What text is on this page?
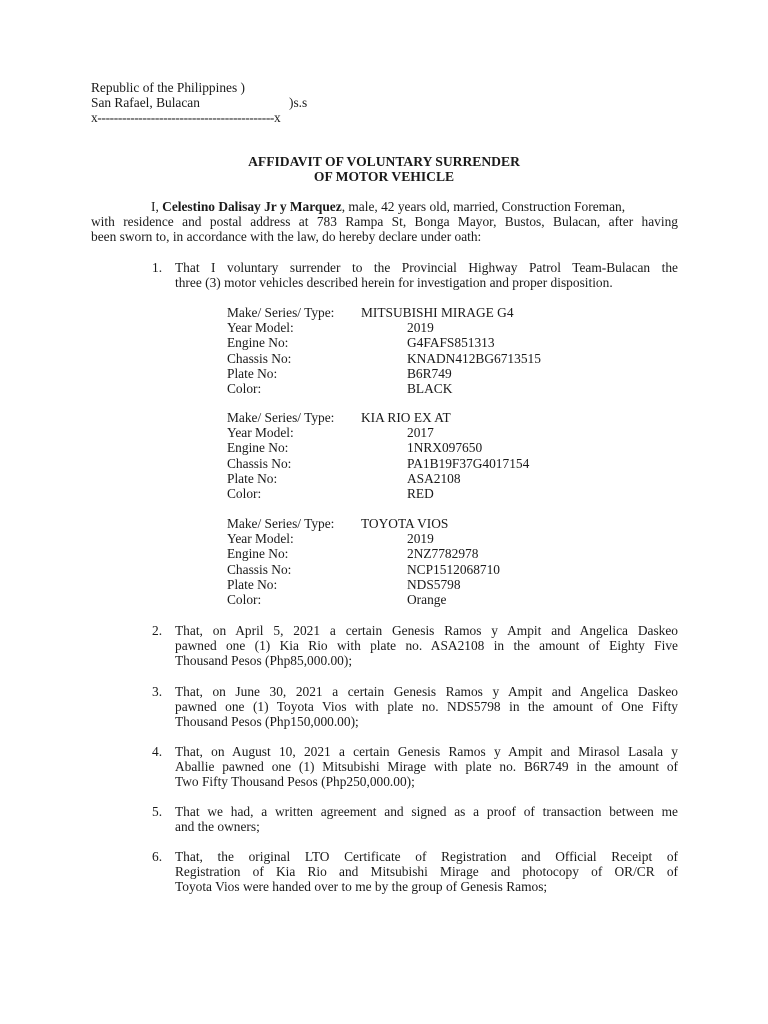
Republic of the Philippines )
San Rafael, Bulacan	)s.s
x-------------------------------------------x
AFFIDAVIT OF VOLUNTARY SURRENDER
OF MOTOR VEHICLE
I, Celestino Dalisay Jr y Marquez, male, 42 years old, married, Construction Foreman,
with residence and postal address at 783 Rampa St, Bonga Mayor, Bustos, Bulacan, after having
been sworn to, in accordance with the law, do hereby declare under oath:
1. That I voluntary surrender to the Provincial Highway Patrol Team-Bulacan the
three (3) motor vehicles described herein for investigation and proper disposition.
Make/ Series/ Type: MITSUBISHI MIRAGE G4
Year Model:	2019
Engine No:	G4FAFS851313
Chassis No:	KNADN412BG6713515
Plate No:	B6R749
Color:	BLACK
Make/ Series/ Type: KIA RIO EX AT
Year Model:	2017
Engine No:	1NRX097650
Chassis No:	PA1B19F37G4017154
Plate No:	ASA2108
Color:	RED
Make/ Series/ Type: TOYOTA VIOS
Year Model:	2019
Engine No:	2NZ7782978
Chassis No:	NCP1512068710
Plate No:	NDS5798
Color:	Orange
2. That, on April 5, 2021 a certain Genesis Ramos y Ampit and Angelica Daskeo
pawned one (1) Kia Rio with plate no. ASA2108 in the amount of Eighty Five
Thousand Pesos (Php85,000.00);
3. That, on June 30, 2021 a certain Genesis Ramos y Ampit and Angelica Daskeo
pawned one (1) Toyota Vios with plate no. NDS5798 in the amount of One Fifty
Thousand Pesos (Php150,000.00);
4. That, on August 10, 2021 a certain Genesis Ramos y Ampit and Mirasol Lasala y
Aballie pawned one (1) Mitsubishi Mirage with plate no. B6R749 in the amount of
Two Fifty Thousand Pesos (Php250,000.00);
5. That we had, a written agreement and signed as a proof of transaction between me
and the owners;
6. That, the original LTO Certificate of Registration and Official Receipt of
Registration of Kia Rio and Mitsubishi Mirage and photocopy of OR/CR of
Toyota Vios were handed over to me by the group of Genesis Ramos;
